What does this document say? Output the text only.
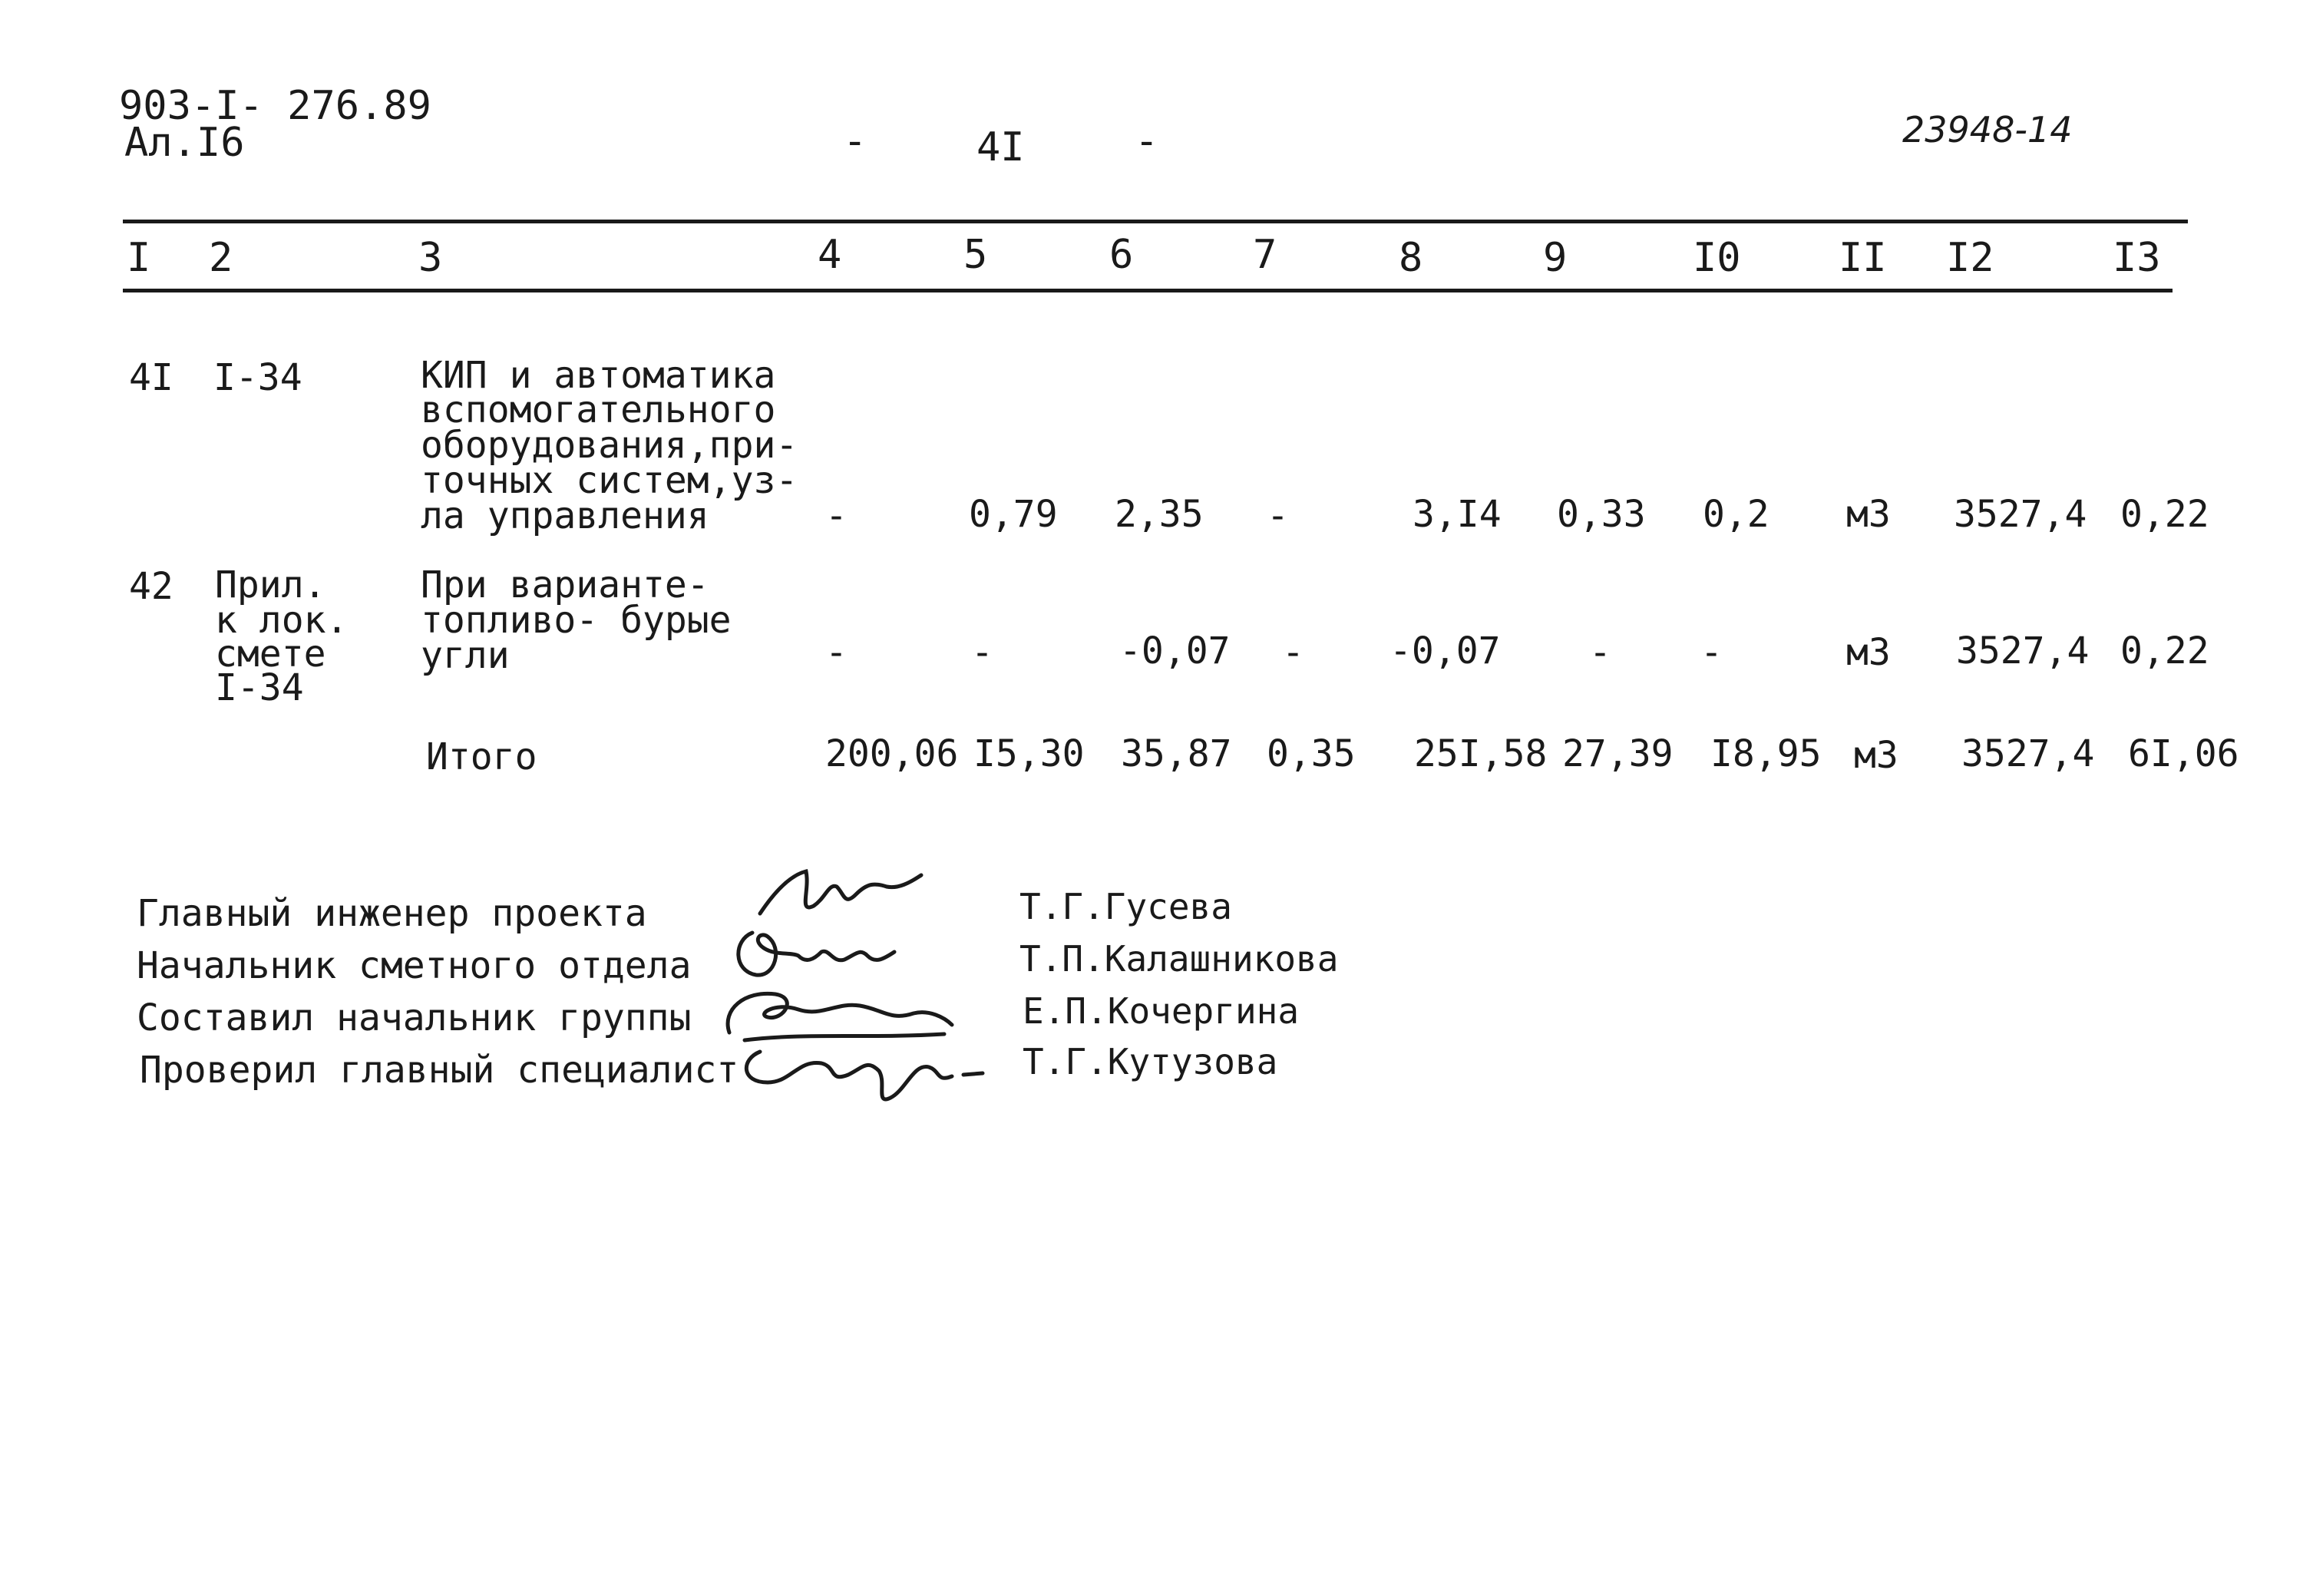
903-I- 276.89
Ал.I6	-	4I	-	23948-14
I 2	3	4	5	6	7	8	9	I0 II I2	I3
4I I-34	КИП и автоматика
вспомогательного
оборудования,при-
точных систем,уз-
ла управления	-	0,79 2,35 -	3,I4 0,33 0,2 м3 3527,4 0,22
42 Прил.
к лок.
смете
I-34
При варианте-
топливо- бурые
угли	-	-	-0,07 - -0,07 - -	м3 3527,4 0,22
Итого	200,06 I5,30 35,87 0,35 25I,58 27,39 I8,95 м3 3527,4 6I,06
Главный инженер проекта
Начальник сметного отдела
Составил начальник группы
Проверил главный специалист
Т.Г.Гусева
Т.П.Калашникова
Е.П.Кочергина
Т.Г.Кутузова
